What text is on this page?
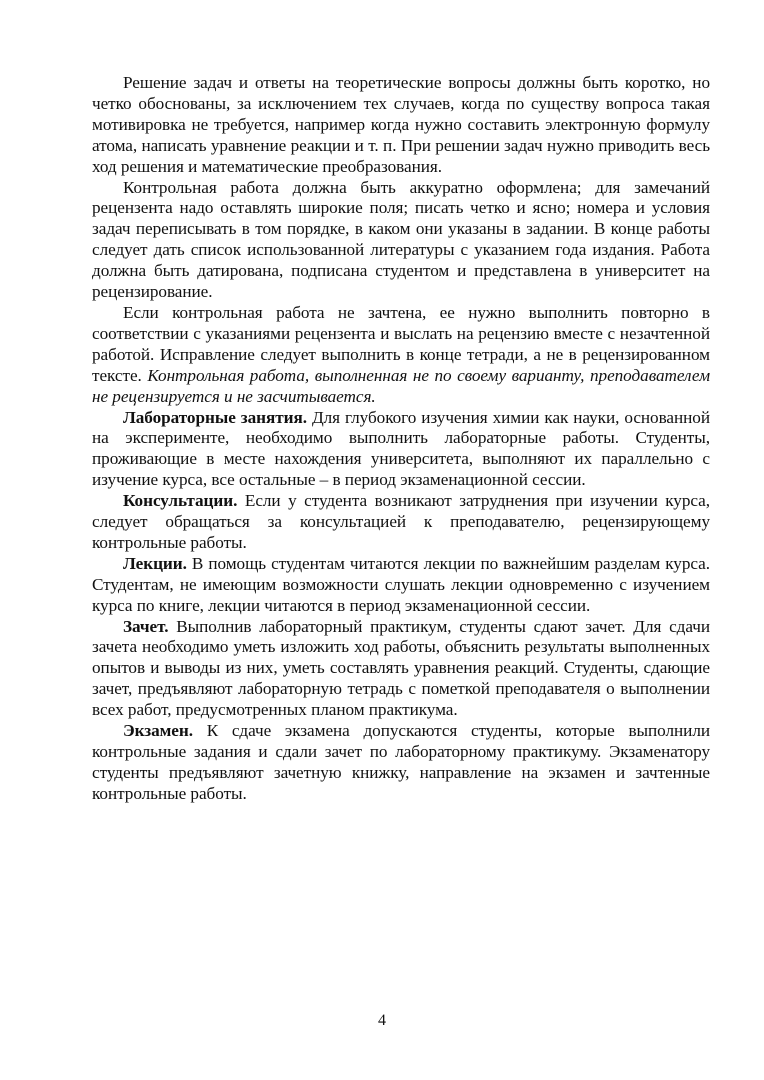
Решение задач и ответы на теоретические вопросы должны быть коротко, но четко обоснованы, за исключением тех случаев, когда по существу вопроса такая мотивировка не требуется, например когда нужно составить электронную формулу атома, написать уравнение реакции и т. п. При решении задач нужно приводить весь ход решения и математические преобразования.

Контрольная работа должна быть аккуратно оформлена; для замечаний рецензента надо оставлять широкие поля; писать четко и ясно; номера и условия задач переписывать в том порядке, в каком они указаны в задании. В конце работы следует дать список использованной литературы с указанием года издания. Работа должна быть датирована, подписана студентом и представлена в университет на рецензирование.

Если контрольная работа не зачтена, ее нужно выполнить повторно в соответствии с указаниями рецензента и выслать на рецензию вместе с незачтенной работой. Исправление следует выполнить в конце тетради, а не в рецензированном тексте. Контрольная работа, выполненная не по своему варианту, преподавателем не рецензируется и не засчитывается.

Лабораторные занятия. Для глубокого изучения химии как науки, основанной на эксперименте, необходимо выполнить лабораторные работы. Студенты, проживающие в месте нахождения университета, выполняют их параллельно с изучение курса, все остальные – в период экзаменационной сессии.

Консультации. Если у студента возникают затруднения при изучении курса, следует обращаться за консультацией к преподавателю, рецензирующему контрольные работы.

Лекции. В помощь студентам читаются лекции по важнейшим разделам курса. Студентам, не имеющим возможности слушать лекции одновременно с изучением курса по книге, лекции читаются в период экзаменационной сессии.

Зачет. Выполнив лабораторный практикум, студенты сдают зачет. Для сдачи зачета необходимо уметь изложить ход работы, объяснить результаты выполненных опытов и выводы из них, уметь составлять уравнения реакций. Студенты, сдающие зачет, предъявляют лабораторную тетрадь с пометкой преподавателя о выполнении всех работ, предусмотренных планом практикума.

Экзамен. К сдаче экзамена допускаются студенты, которые выполнили контрольные задания и сдали зачет по лабораторному практикуму. Экзаменатору студенты предъявляют зачетную книжку, направление на экзамен и зачтенные контрольные работы.

4
